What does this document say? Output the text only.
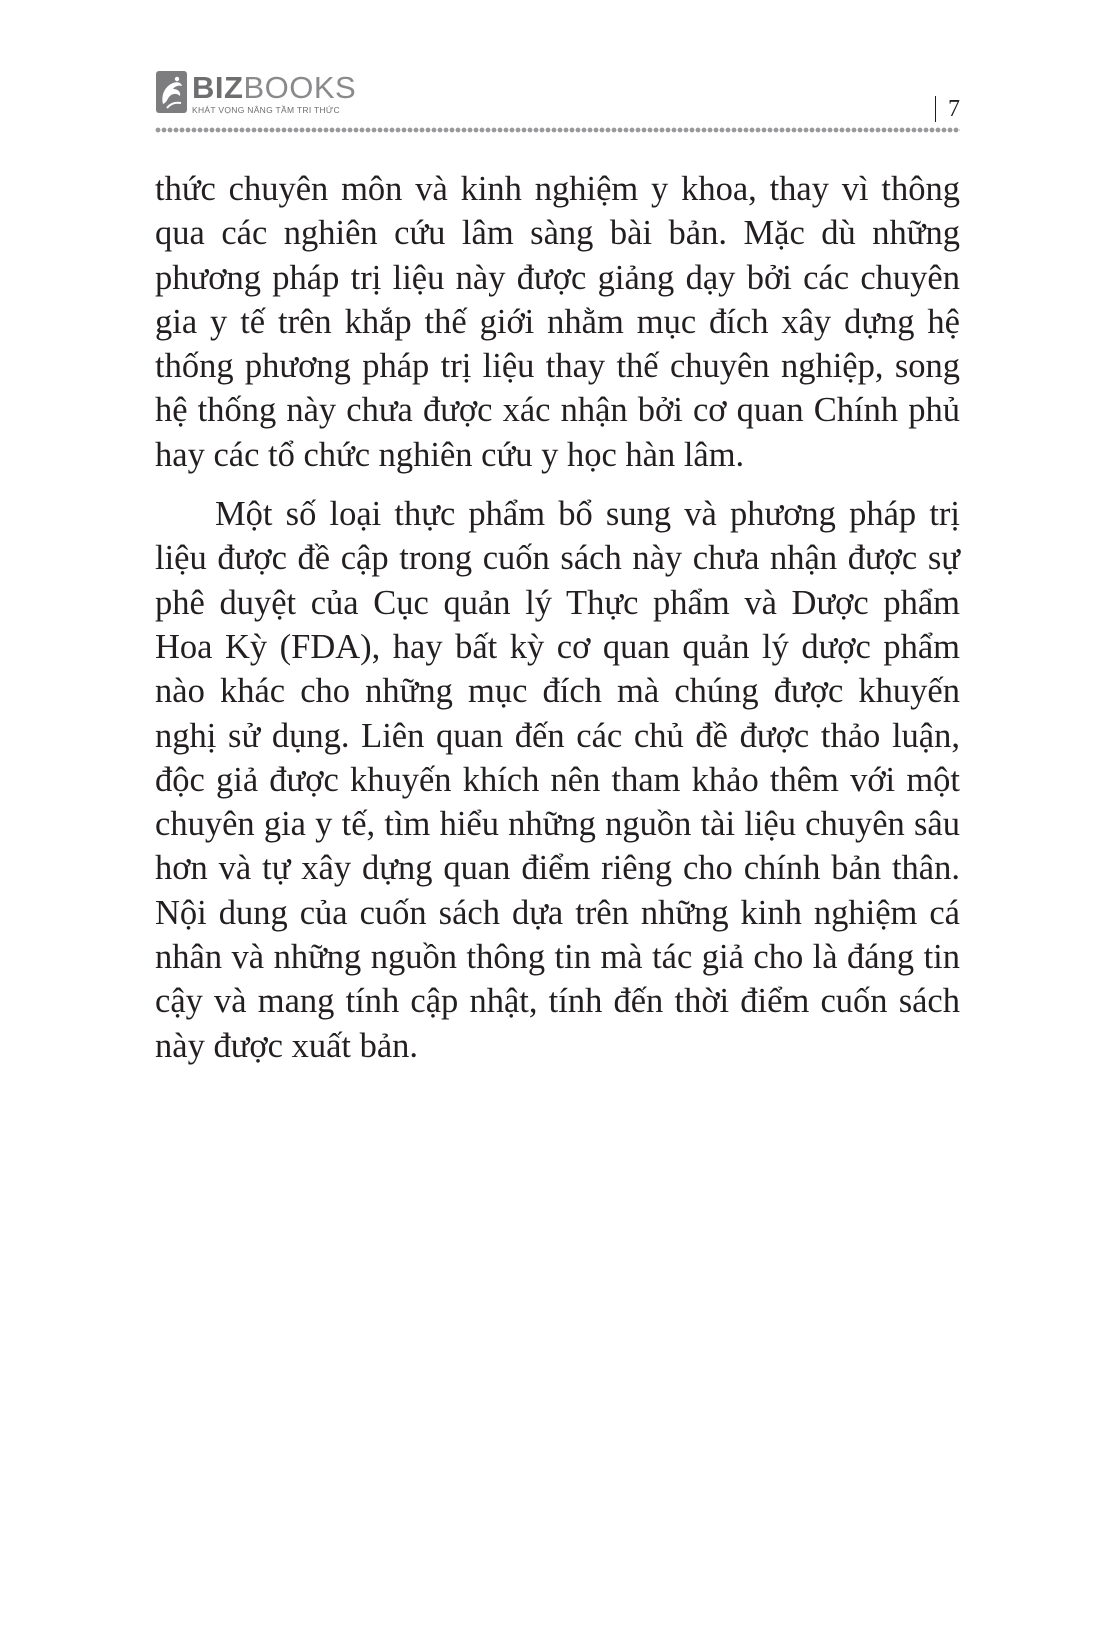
BIZBOOKS
KHÁT VỌNG NÂNG TẦM TRI THỨC	7

thức chuyên môn và kinh nghiệm y khoa, thay vì thông qua các nghiên cứu lâm sàng bài bản. Mặc dù những phương pháp trị liệu này được giảng dạy bởi các chuyên gia y tế trên khắp thế giới nhằm mục đích xây dựng hệ thống phương pháp trị liệu thay thế chuyên nghiệp, song hệ thống này chưa được xác nhận bởi cơ quan Chính phủ hay các tổ chức nghiên cứu y học hàn lâm.

Một số loại thực phẩm bổ sung và phương pháp trị liệu được đề cập trong cuốn sách này chưa nhận được sự phê duyệt của Cục quản lý Thực phẩm và Dược phẩm Hoa Kỳ (FDA), hay bất kỳ cơ quan quản lý dược phẩm nào khác cho những mục đích mà chúng được khuyến nghị sử dụng. Liên quan đến các chủ đề được thảo luận, độc giả được khuyến khích nên tham khảo thêm với một chuyên gia y tế, tìm hiểu những nguồn tài liệu chuyên sâu hơn và tự xây dựng quan điểm riêng cho chính bản thân. Nội dung của cuốn sách dựa trên những kinh nghiệm cá nhân và những nguồn thông tin mà tác giả cho là đáng tin cậy và mang tính cập nhật, tính đến thời điểm cuốn sách này được xuất bản.
